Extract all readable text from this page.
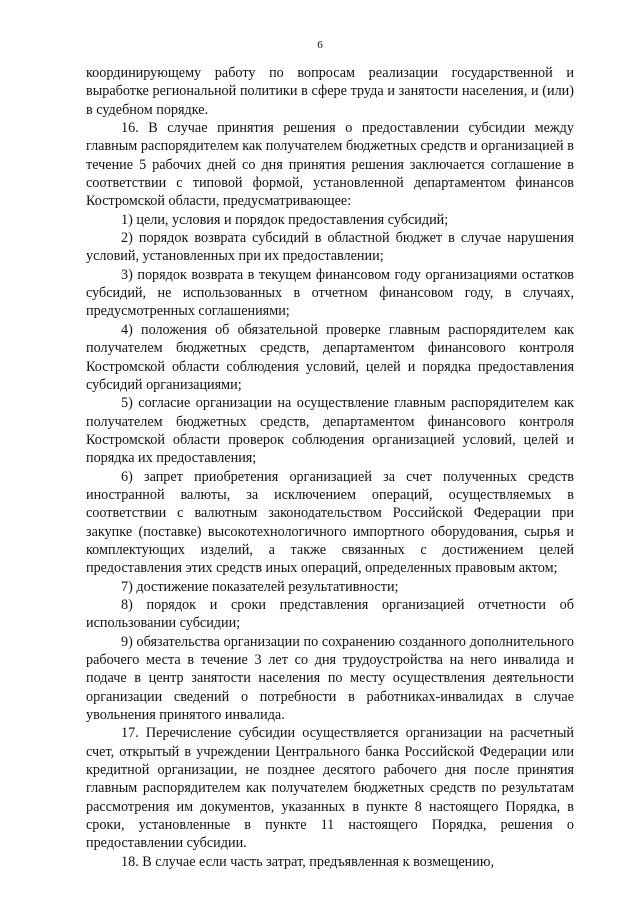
6

координирующему работу по вопросам реализации государственной и выработке региональной политики в сфере труда и занятости населения, и (или) в судебном порядке.

16. В случае принятия решения о предоставлении субсидии между главным распорядителем как получателем бюджетных средств и организацией в течение 5 рабочих дней со дня принятия решения заключается соглашение в соответствии с типовой формой, установленной департаментом финансов Костромской области, предусматривающее:

1) цели, условия и порядок предоставления субсидий;

2) порядок возврата субсидий в областной бюджет в случае нарушения условий, установленных при их предоставлении;

3) порядок возврата в текущем финансовом году организациями остатков субсидий, не использованных в отчетном финансовом году, в случаях, предусмотренных соглашениями;

4) положения об обязательной проверке главным распорядителем как получателем бюджетных средств, департаментом финансового контроля Костромской области соблюдения условий, целей и порядка предоставления субсидий организациями;

5) согласие организации на осуществление главным распорядителем как получателем бюджетных средств, департаментом финансового контроля Костромской области проверок соблюдения организацией условий, целей и порядка их предоставления;

6) запрет приобретения организацией за счет полученных средств иностранной валюты, за исключением операций, осуществляемых в соответствии с валютным законодательством Российской Федерации при закупке (поставке) высокотехнологичного импортного оборудования, сырья и комплектующих изделий, а также связанных с достижением целей предоставления этих средств иных операций, определенных правовым актом;

7) достижение показателей результативности;

8) порядок и сроки представления организацией отчетности об использовании субсидии;

9) обязательства организации по сохранению созданного дополнительного рабочего места в течение 3 лет со дня трудоустройства на него инвалида и подаче в центр занятости населения по месту осуществления деятельности организации сведений о потребности в работниках-инвалидах в случае увольнения принятого инвалида.

17. Перечисление субсидии осуществляется организации на расчетный счет, открытый в учреждении Центрального банка Российской Федерации или кредитной организации, не позднее десятого рабочего дня после принятия главным распорядителем как получателем бюджетных средств по результатам рассмотрения им документов, указанных в пункте 8 настоящего Порядка, в сроки, установленные в пункте 11 настоящего Порядка, решения о предоставлении субсидии.

18. В случае если часть затрат, предъявленная к возмещению,
